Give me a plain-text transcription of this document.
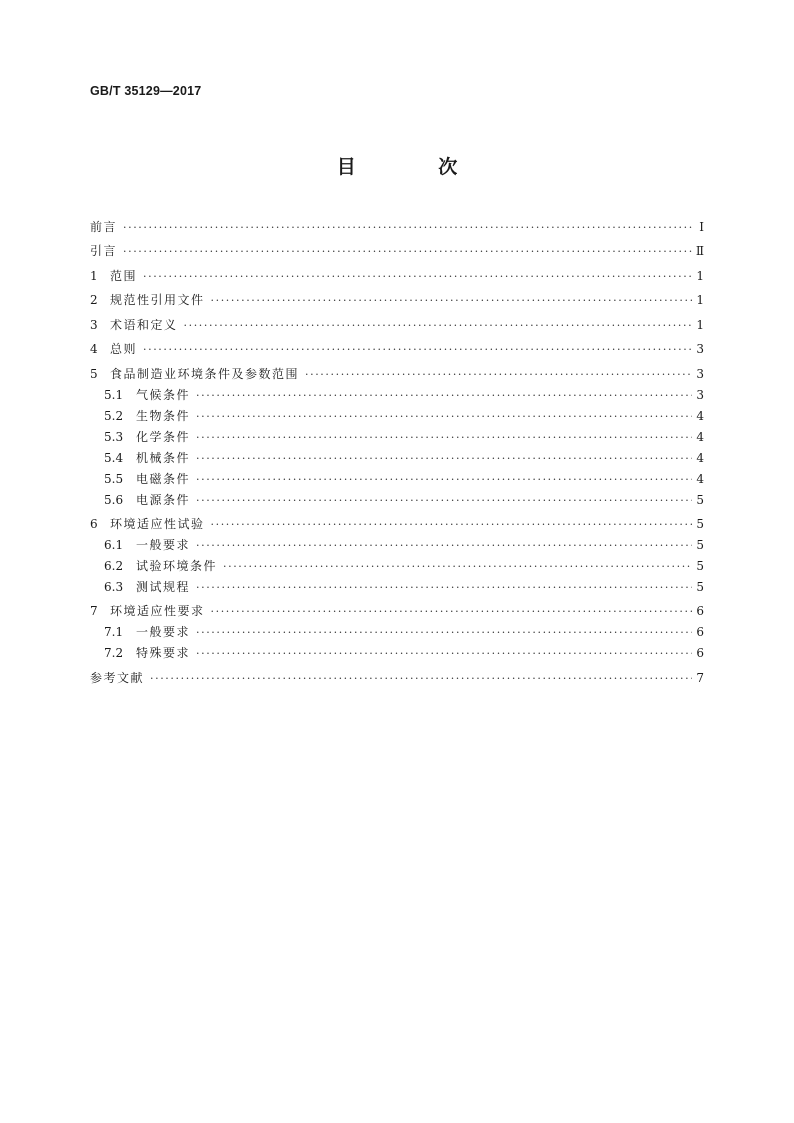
GB/T 35129—2017
目 次
前言 ·····	Ⅰ
引言 ·····	Ⅱ
1	范围 ·····	1
2	规范性引用文件 ·····	1
3	术语和定义 ·····	1
4	总则 ·····	3
5	食品制造业环境条件及参数范围 ·····	3
5.1	气候条件 ·····	3
5.2	生物条件 ·····	4
5.3	化学条件 ·····	4
5.4	机械条件 ·····	4
5.5	电磁条件 ·····	4
5.6	电源条件 ·····	5
6	环境适应性试验 ·····	5
6.1	一般要求 ·····	5
6.2	试验环境条件 ·····	5
6.3	测试规程 ·····	5
7	环境适应性要求 ·····	6
7.1	一般要求 ·····	6
7.2	特殊要求 ·····	6
参考文献 ·····	7
